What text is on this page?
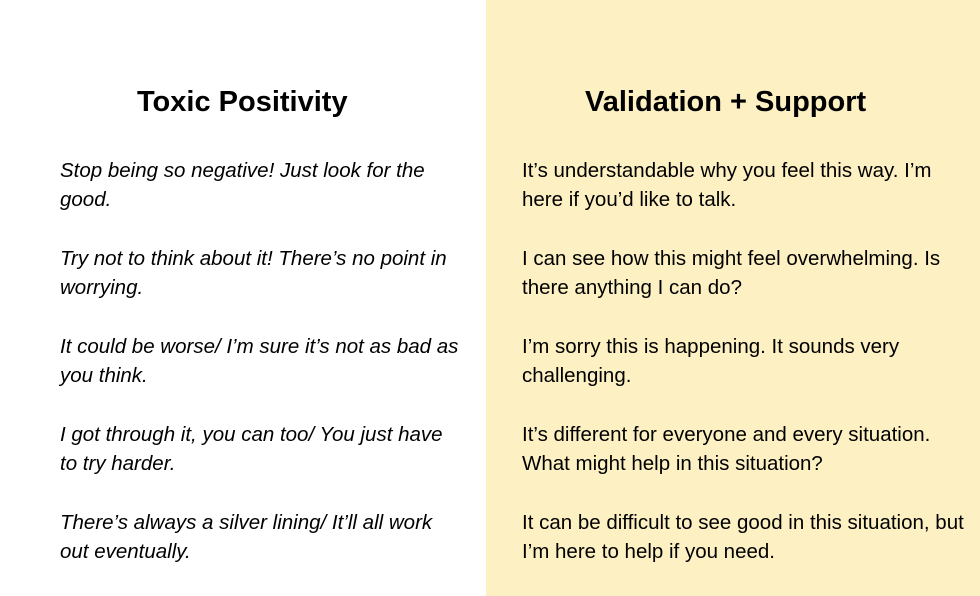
Toxic Positivity
Stop being so negative! Just look for the good.
Try not to think about it! There’s no point in worrying.
It could be worse/ I’m sure it’s not as bad as you think.
I got through it, you can too/ You just have to try harder.
There’s always a silver lining/ It’ll all work out eventually.
Validation + Support
It’s understandable why you feel this way. I’m here if you’d like to talk.
I can see how this might feel overwhelming. Is there anything I can do?
I’m sorry this is happening. It sounds very challenging.
It’s different for everyone and every situation. What might help in this situation?
It can be difficult to see good in this situation, but I’m here to help if you need.
